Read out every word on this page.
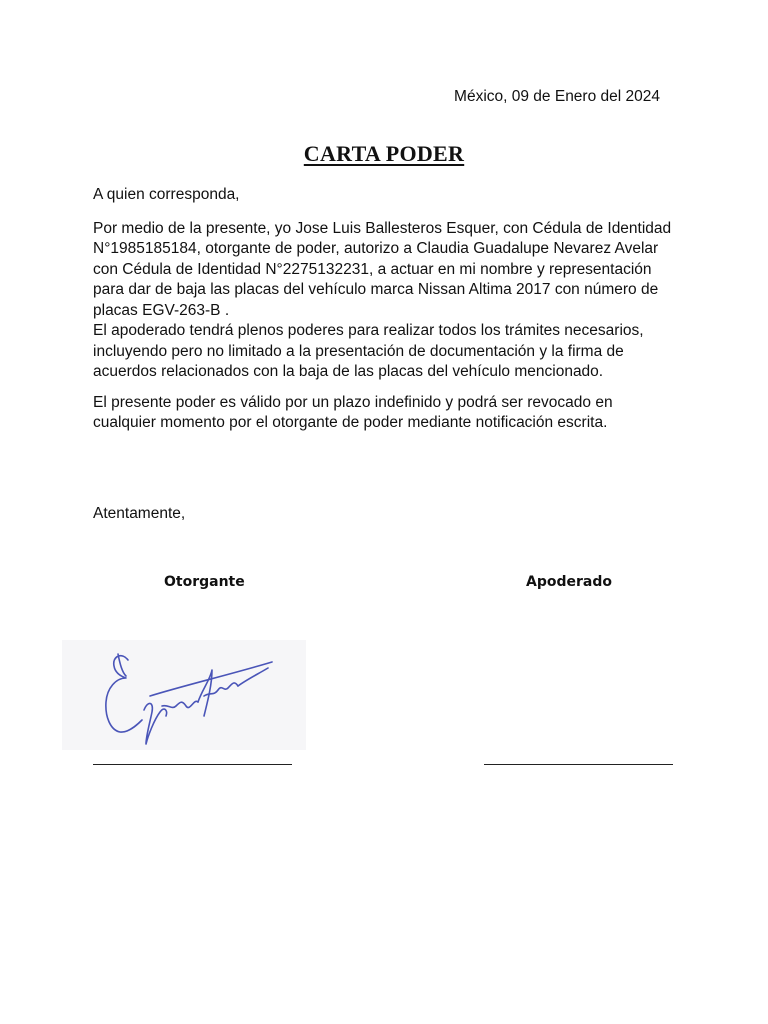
México, 09 de Enero del 2024
CARTA PODER

A quien corresponda,

Por medio de la presente, yo Jose Luis Ballesteros Esquer, con Cédula de Identidad N°1985185184, otorgante de poder, autorizo a Claudia Guadalupe Nevarez Avelar con Cédula de Identidad N°2275132231, a actuar en mi nombre y representación para dar de baja las placas del vehículo marca Nissan Altima 2017 con número de placas EGV-263-B .

El apoderado tendrá plenos poderes para realizar todos los trámites necesarios, incluyendo pero no limitado a la presentación de documentación y la firma de acuerdos relacionados con la baja de las placas del vehículo mencionado.

El presente poder es válido por un plazo indefinido y podrá ser revocado en cualquier momento por el otorgante de poder mediante notificación escrita.

Atentamente,
Otorgante	Apoderado
